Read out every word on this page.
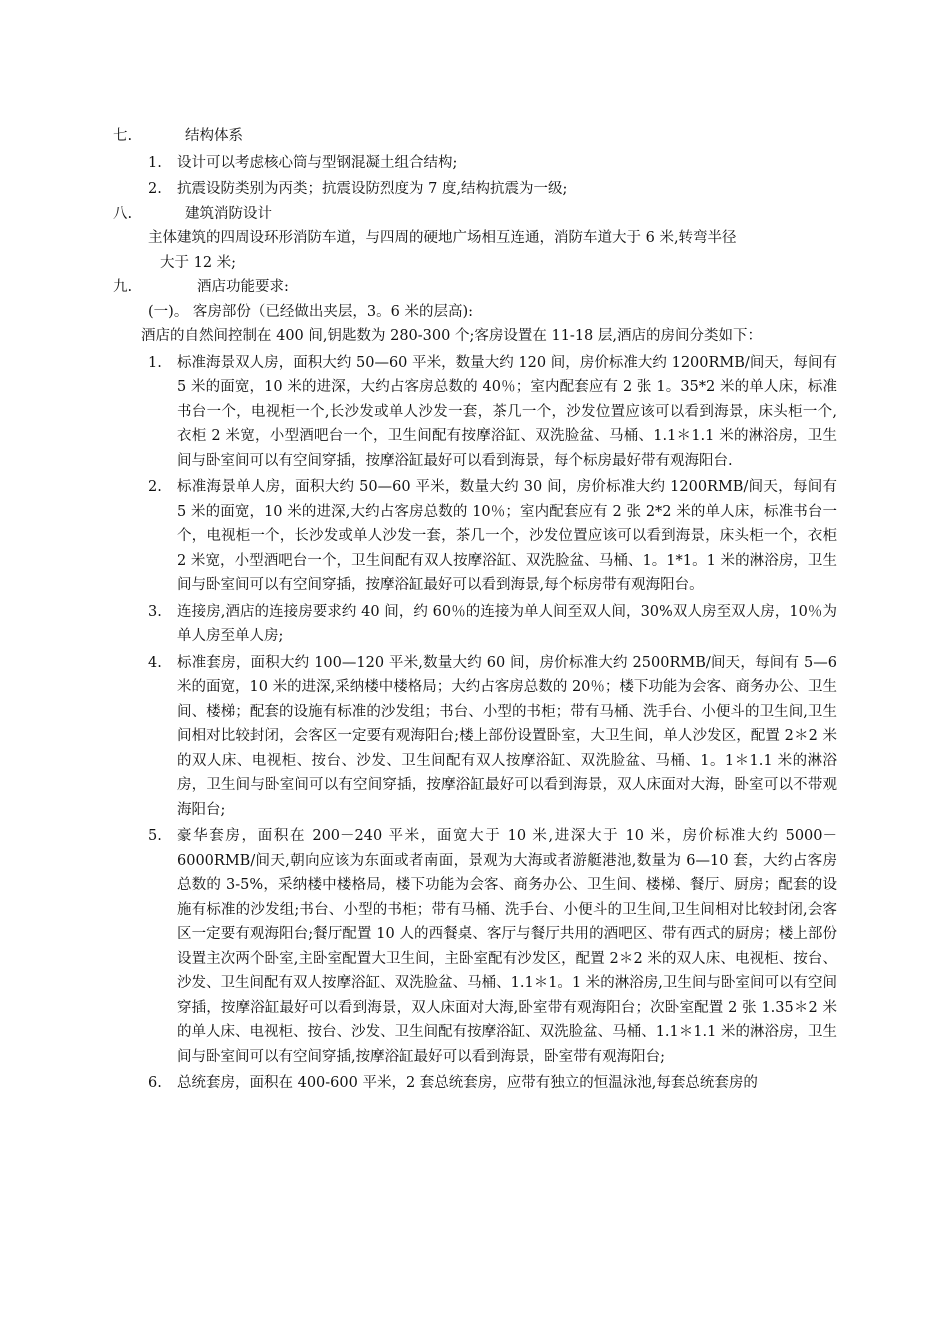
七.	结构体系
1. 设计可以考虑核心筒与型钢混凝土组合结构;
2. 抗震设防类别为丙类；抗震设防烈度为 7 度,结构抗震为一级;
八.	建筑消防设计
主体建筑的四周设环形消防车道，与四周的硬地广场相互连通，消防车道大于 6 米,转弯半径
大于 12 米;
九.	酒店功能要求:
(一)。 客房部份（已经做出夹层，3。6 米的层高):
酒店的自然间控制在 400 间,钥匙数为 280-300 个;客房设置在 11-18 层,酒店的房间分类如下：
1. 标准海景双人房，面积大约 50—60 平米，数量大约 120 间，房价标准大约 1200RMB/间天，每间有 5 米的面宽，10 米的进深，大约占客房总数的 40％；室内配套应有 2 张 1。35*2 米的单人床，标准书台一个，电视柜一个,长沙发或单人沙发一套，茶几一个，沙发位置应该可以看到海景，床头柜一个,衣柜 2 米宽，小型酒吧台一个，卫生间配有按摩浴缸、双洗脸盆、马桶、1.1＊1.1 米的淋浴房，卫生间与卧室间可以有空间穿插，按摩浴缸最好可以看到海景，每个标房最好带有观海阳台.
2. 标准海景单人房，面积大约 50—60 平米，数量大约 30 间，房价标准大约 1200RMB/间天，每间有 5 米的面宽，10 米的进深,大约占客房总数的 10％；室内配套应有 2 张 2*2 米的单人床，标准书台一个，电视柜一个，长沙发或单人沙发一套，茶几一个，沙发位置应该可以看到海景，床头柜一个，衣柜 2 米宽，小型酒吧台一个，卫生间配有双人按摩浴缸、双洗脸盆、马桶、1。1*1。1 米的淋浴房，卫生间与卧室间可以有空间穿插，按摩浴缸最好可以看到海景,每个标房带有观海阳台。
3. 连接房,酒店的连接房要求约 40 间，约 60％的连接为单人间至双人间，30%双人房至双人房，10％为单人房至单人房;
4. 标准套房，面积大约 100—120 平米,数量大约 60 间，房价标准大约 2500RMB/间天，每间有 5—6 米的面宽，10 米的进深,采纳楼中楼格局；大约占客房总数的 20％；楼下功能为会客、商务办公、卫生间、楼梯；配套的设施有标准的沙发组；书台、小型的书柜；带有马桶、洗手台、小便斗的卫生间,卫生间相对比较封闭，会客区一定要有观海阳台;楼上部份设置卧室，大卫生间，单人沙发区，配置 2＊2 米的双人床、电视柜、按台、沙发、卫生间配有双人按摩浴缸、双洗脸盆、马桶、1。1＊1.1 米的淋浴房，卫生间与卧室间可以有空间穿插，按摩浴缸最好可以看到海景，双人床面对大海，卧室可以不带观海阳台;
5. 豪华套房，面积在 200－240 平米，面宽大于 10 米,进深大于 10 米，房价标准大约 5000－6000RMB/间天,朝向应该为东面或者南面，景观为大海或者游艇港池,数量为 6—10 套，大约占客房总数的 3-5%，采纳楼中楼格局，楼下功能为会客、商务办公、卫生间、楼梯、餐厅、厨房；配套的设施有标准的沙发组;书台、小型的书柜；带有马桶、洗手台、小便斗的卫生间,卫生间相对比较封闭,会客区一定要有观海阳台;餐厅配置 10 人的西餐桌、客厅与餐厅共用的酒吧区、带有西式的厨房；楼上部份设置主次两个卧室,主卧室配置大卫生间，主卧室配有沙发区，配置 2＊2 米的双人床、电视柜、按台、沙发、卫生间配有双人按摩浴缸、双洗脸盆、马桶、1.1＊1。1 米的淋浴房,卫生间与卧室间可以有空间穿插，按摩浴缸最好可以看到海景，双人床面对大海,卧室带有观海阳台；次卧室配置 2 张 1.35＊2 米的单人床、电视柜、按台、沙发、卫生间配有按摩浴缸、双洗脸盆、马桶、1.1＊1.1 米的淋浴房，卫生间与卧室间可以有空间穿插,按摩浴缸最好可以看到海景，卧室带有观海阳台;
6. 总统套房，面积在 400-600 平米，2 套总统套房，应带有独立的恒温泳池,每套总统套房的
